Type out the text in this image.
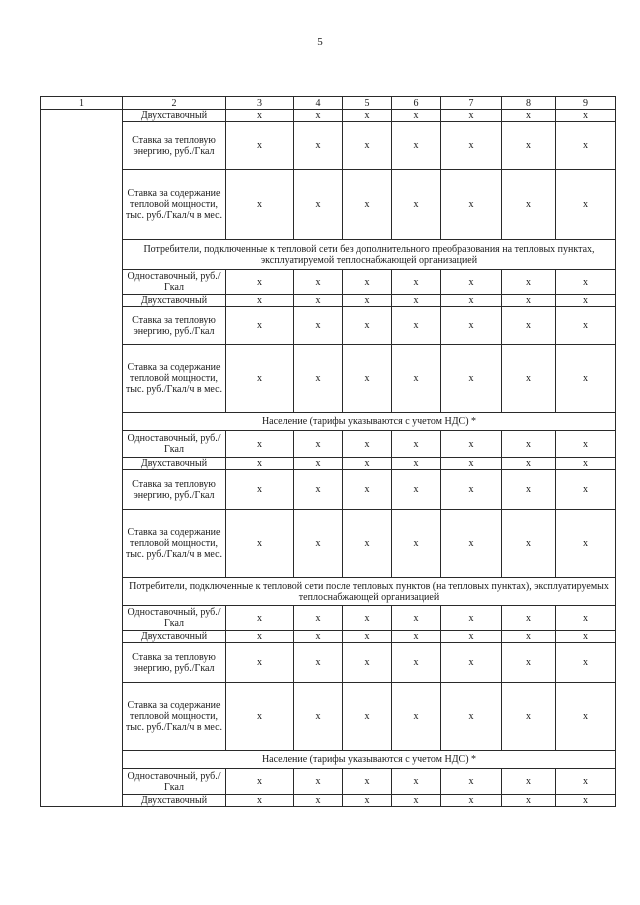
5
1	2	3	4	5	6	7	8	9
	Двухставочный	x	x	x	x	x	x	x
	Ставка за тепловую энергию, руб./Гкал	x	x	x	x	x	x	x
	Ставка за содержание тепловой мощности, тыс. руб./Гкал/ч в мес.	x	x	x	x	x	x	x
	Потребители, подключенные к тепловой сети без дополнительного преобразования на тепловых пунктах, эксплуатируемой теплоснабжающей организацией							
	Одноставочный, руб./Гкал	x	x	x	x	x	x	x
	Двухставочный	x	x	x	x	x	x	x
	Ставка за тепловую энергию, руб./Гкал	x	x	x	x	x	x	x
	Ставка за содержание тепловой мощности, тыс. руб./Гкал/ч в мес.	x	x	x	x	x	x	x
	Население (тарифы указываются с учетом НДС) *							
	Одноставочный, руб./Гкал	x	x	x	x	x	x	x
	Двухставочный	x	x	x	x	x	x	x
	Ставка за тепловую энергию, руб./Гкал	x	x	x	x	x	x	x
	Ставка за содержание тепловой мощности, тыс. руб./Гкал/ч в мес.	x	x	x	x	x	x	x
	Потребители, подключенные к тепловой сети после тепловых пунктов (на тепловых пунктах), эксплуатируемых теплоснабжающей организацией							
	Одноставочный, руб./Гкал	x	x	x	x	x	x	x
	Двухставочный	x	x	x	x	x	x	x
	Ставка за тепловую энергию, руб./Гкал	x	x	x	x	x	x	x
	Ставка за содержание тепловой мощности, тыс. руб./Гкал/ч в мес.	x	x	x	x	x	x	x
	Население (тарифы указываются с учетом НДС) *							
	Одноставочный, руб./Гкал	x	x	x	x	x	x	x
	Двухставочный	x	x	x	x	x	x	x
